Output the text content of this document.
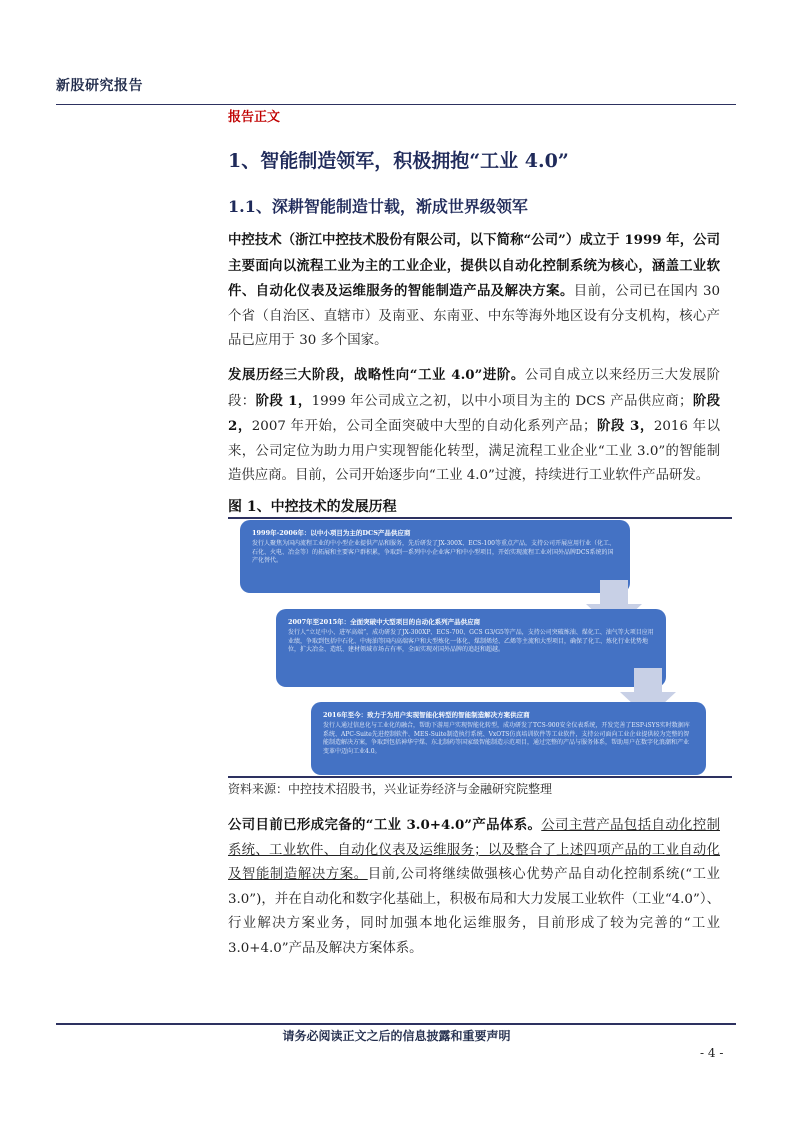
新股研究报告
报告正文
1、智能制造领军，积极拥抱“工业 4.0”
1.1、深耕智能制造廿载，渐成世界级领军
中控技术（浙江中控技术股份有限公司，以下简称“公司”）成立于 1999 年，公司主要面向以流程工业为主的工业企业，提供以自动化控制系统为核心，涵盖工业软件、自动化仪表及运维服务的智能制造产品及解决方案。目前，公司已在国内 30 个省（自治区、直辖市）及南亚、东南亚、中东等海外地区设有分支机构，核心产品已应用于 30 多个国家。
发展历经三大阶段，战略性向“工业 4.0”进阶。公司自成立以来经历三大发展阶段：阶段 1，1999 年公司成立之初，以中小项目为主的 DCS 产品供应商；阶段 2，2007 年开始，公司全面突破中大型的自动化系列产品；阶段 3，2016 年以来，公司定位为助力用户实现智能化转型，满足流程工业企业“工业 3.0”的智能制造供应商。目前，公司开始逐步向“工业 4.0”过渡，持续进行工业软件产品研发。
图 1、中控技术的发展历程
1999年-2006年：以中小项目为主的DCS产品供应商
发行人聚焦为国内流程工业的中小型企业提供产品和服务，先后研发了JX-300X、ECS-100等重点产品，支持公司开展应用行业（化工、石化、火电、冶金等）的拓展和主要客户群积累，争取到一系列中小企业客户和中小型项目，开始实现流程工业对国外品牌DCS系统的国产化替代。
2007年至2015年：全面突破中大型项目的自动化系列产品供应商
发行人“立足中小、进军高端”，成功研发了JX-300XP、ECS-700、GCS G3/G5等产品，支持公司突破炼油、煤化工、油气等大项目应用业绩，争取到包括中石化、中海油等国内高端客户和大型炼化一体化、煤制烯烃、乙烯等主流和大型项目，确保了化工、炼化行业优势地位，扩大冶金、造纸、建材领域市场占有率，全面实现对国外品牌的追赶和超越。
2016年至今：致力于为用户实现智能化转型的智能制造解决方案供应商
发行人通过信息化与工业化的融合，帮助下游用户实现智能化转型，成功研发了TCS-900安全仪表系统，开发完善了ESP-iSYS实时数据库系统、APC-Suite先进控制软件、MES-Suite制造执行系统、VxOTS仿真培训软件等工业软件，支持公司面向工业企业提供较为完整的智能制造解决方案，争取到包括神华宁煤、东北制药等国家级智能制造示范项目，通过完整的产品与服务体系，帮助用户在数字化浪潮和产业变革中迈向工业4.0。
资料来源：中控技术招股书，兴业证券经济与金融研究院整理
公司目前已形成完备的“工业 3.0+4.0”产品体系。公司主营产品包括自动化控制系统、工业软件、自动化仪表及运维服务；以及整合了上述四项产品的工业自动化及智能制造解决方案。目前,公司将继续做强核心优势产品自动化控制系统(“工业 3.0”)，并在自动化和数字化基础上，积极布局和大力发展工业软件（工业“4.0”）、行业解决方案业务，同时加强本地化运维服务，目前形成了较为完善的“工业 3.0+4.0”产品及解决方案体系。
请务必阅读正文之后的信息披露和重要声明
- 4 -
